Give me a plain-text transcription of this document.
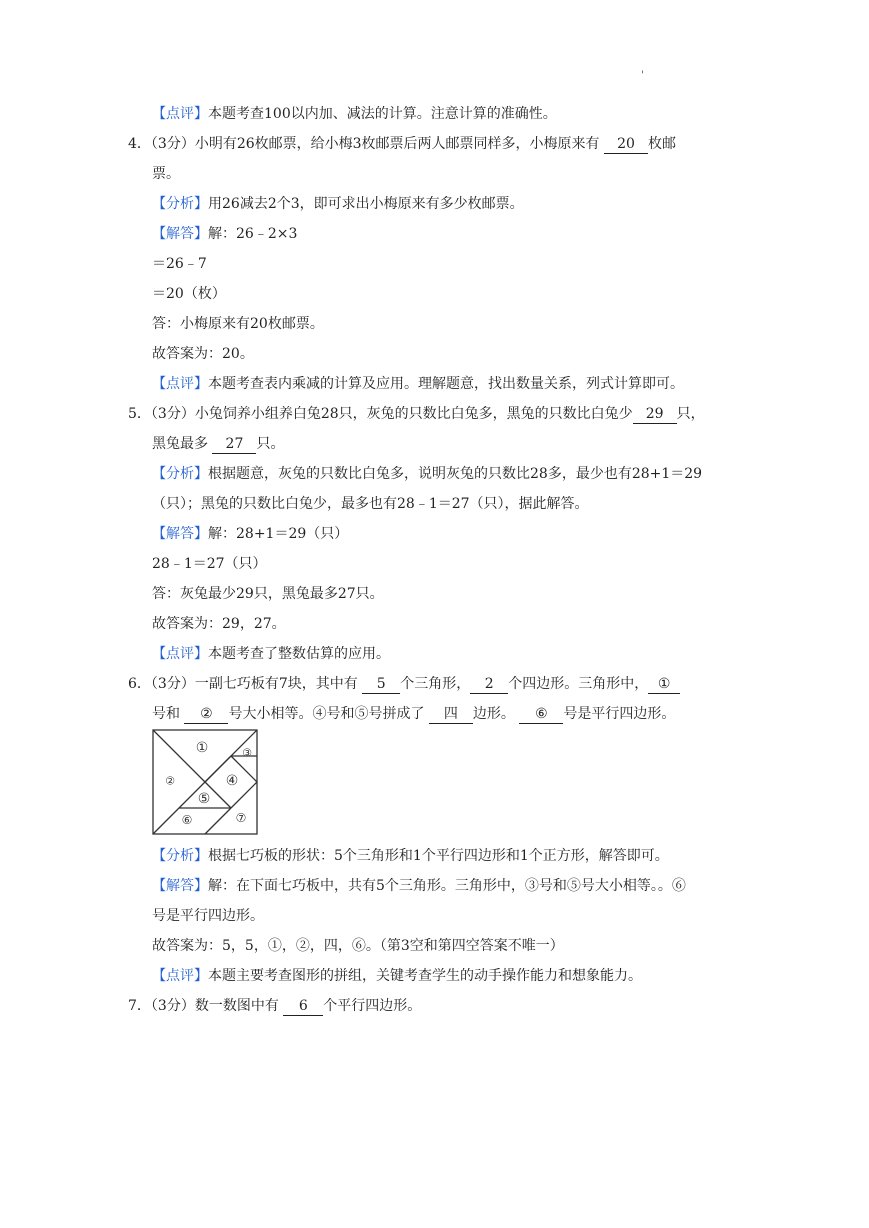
'
【点评】本题考查100以内加、减法的计算。注意计算的准确性。
4．（3分）小明有26枚邮票，给小梅3枚邮票后两人邮票同样多，小梅原来有 20 枚邮
票。
【分析】用26减去2个3，即可求出小梅原来有多少枚邮票。
【解答】解：26﹣2×3
＝26﹣7
＝20（枚）
答：小梅原来有20枚邮票。
故答案为：20。
【点评】本题考查表内乘减的计算及应用。理解题意，找出数量关系，列式计算即可。
5．（3分）小兔饲养小组养白兔28只，灰兔的只数比白兔多，黑兔的只数比白兔少 29 只，
黑兔最多 27 只。
【分析】根据题意，灰兔的只数比白兔多，说明灰兔的只数比28多，最少也有28+1＝29
（只）；黑兔的只数比白兔少，最多也有28﹣1＝27（只），据此解答。
【解答】解：28+1＝29（只）
28﹣1＝27（只）
答：灰兔最少29只，黑兔最多27只。
故答案为：29，27。
【点评】本题考查了整数估算的应用。
6．（3分）一副七巧板有7块，其中有 5 个三角形， 2 个四边形。三角形中， ①
号和 ② 号大小相等。④号和⑤号拼成了 四 边形。 ⑥ 号是平行四边形。
①
②
③
④
⑤
⑥	⑦
【分析】根据七巧板的形状：5个三角形和1个平行四边形和1个正方形，解答即可。
【解答】解：在下面七巧板中，共有5个三角形。三角形中，③号和⑤号大小相等。。⑥
号是平行四边形。
故答案为：5，5，①，②，四，⑥。（第3空和第四空答案不唯一）
【点评】本题主要考查图形的拼组，关键考查学生的动手操作能力和想象能力。
7．（3分）数一数图中有 6 个平行四边形。
